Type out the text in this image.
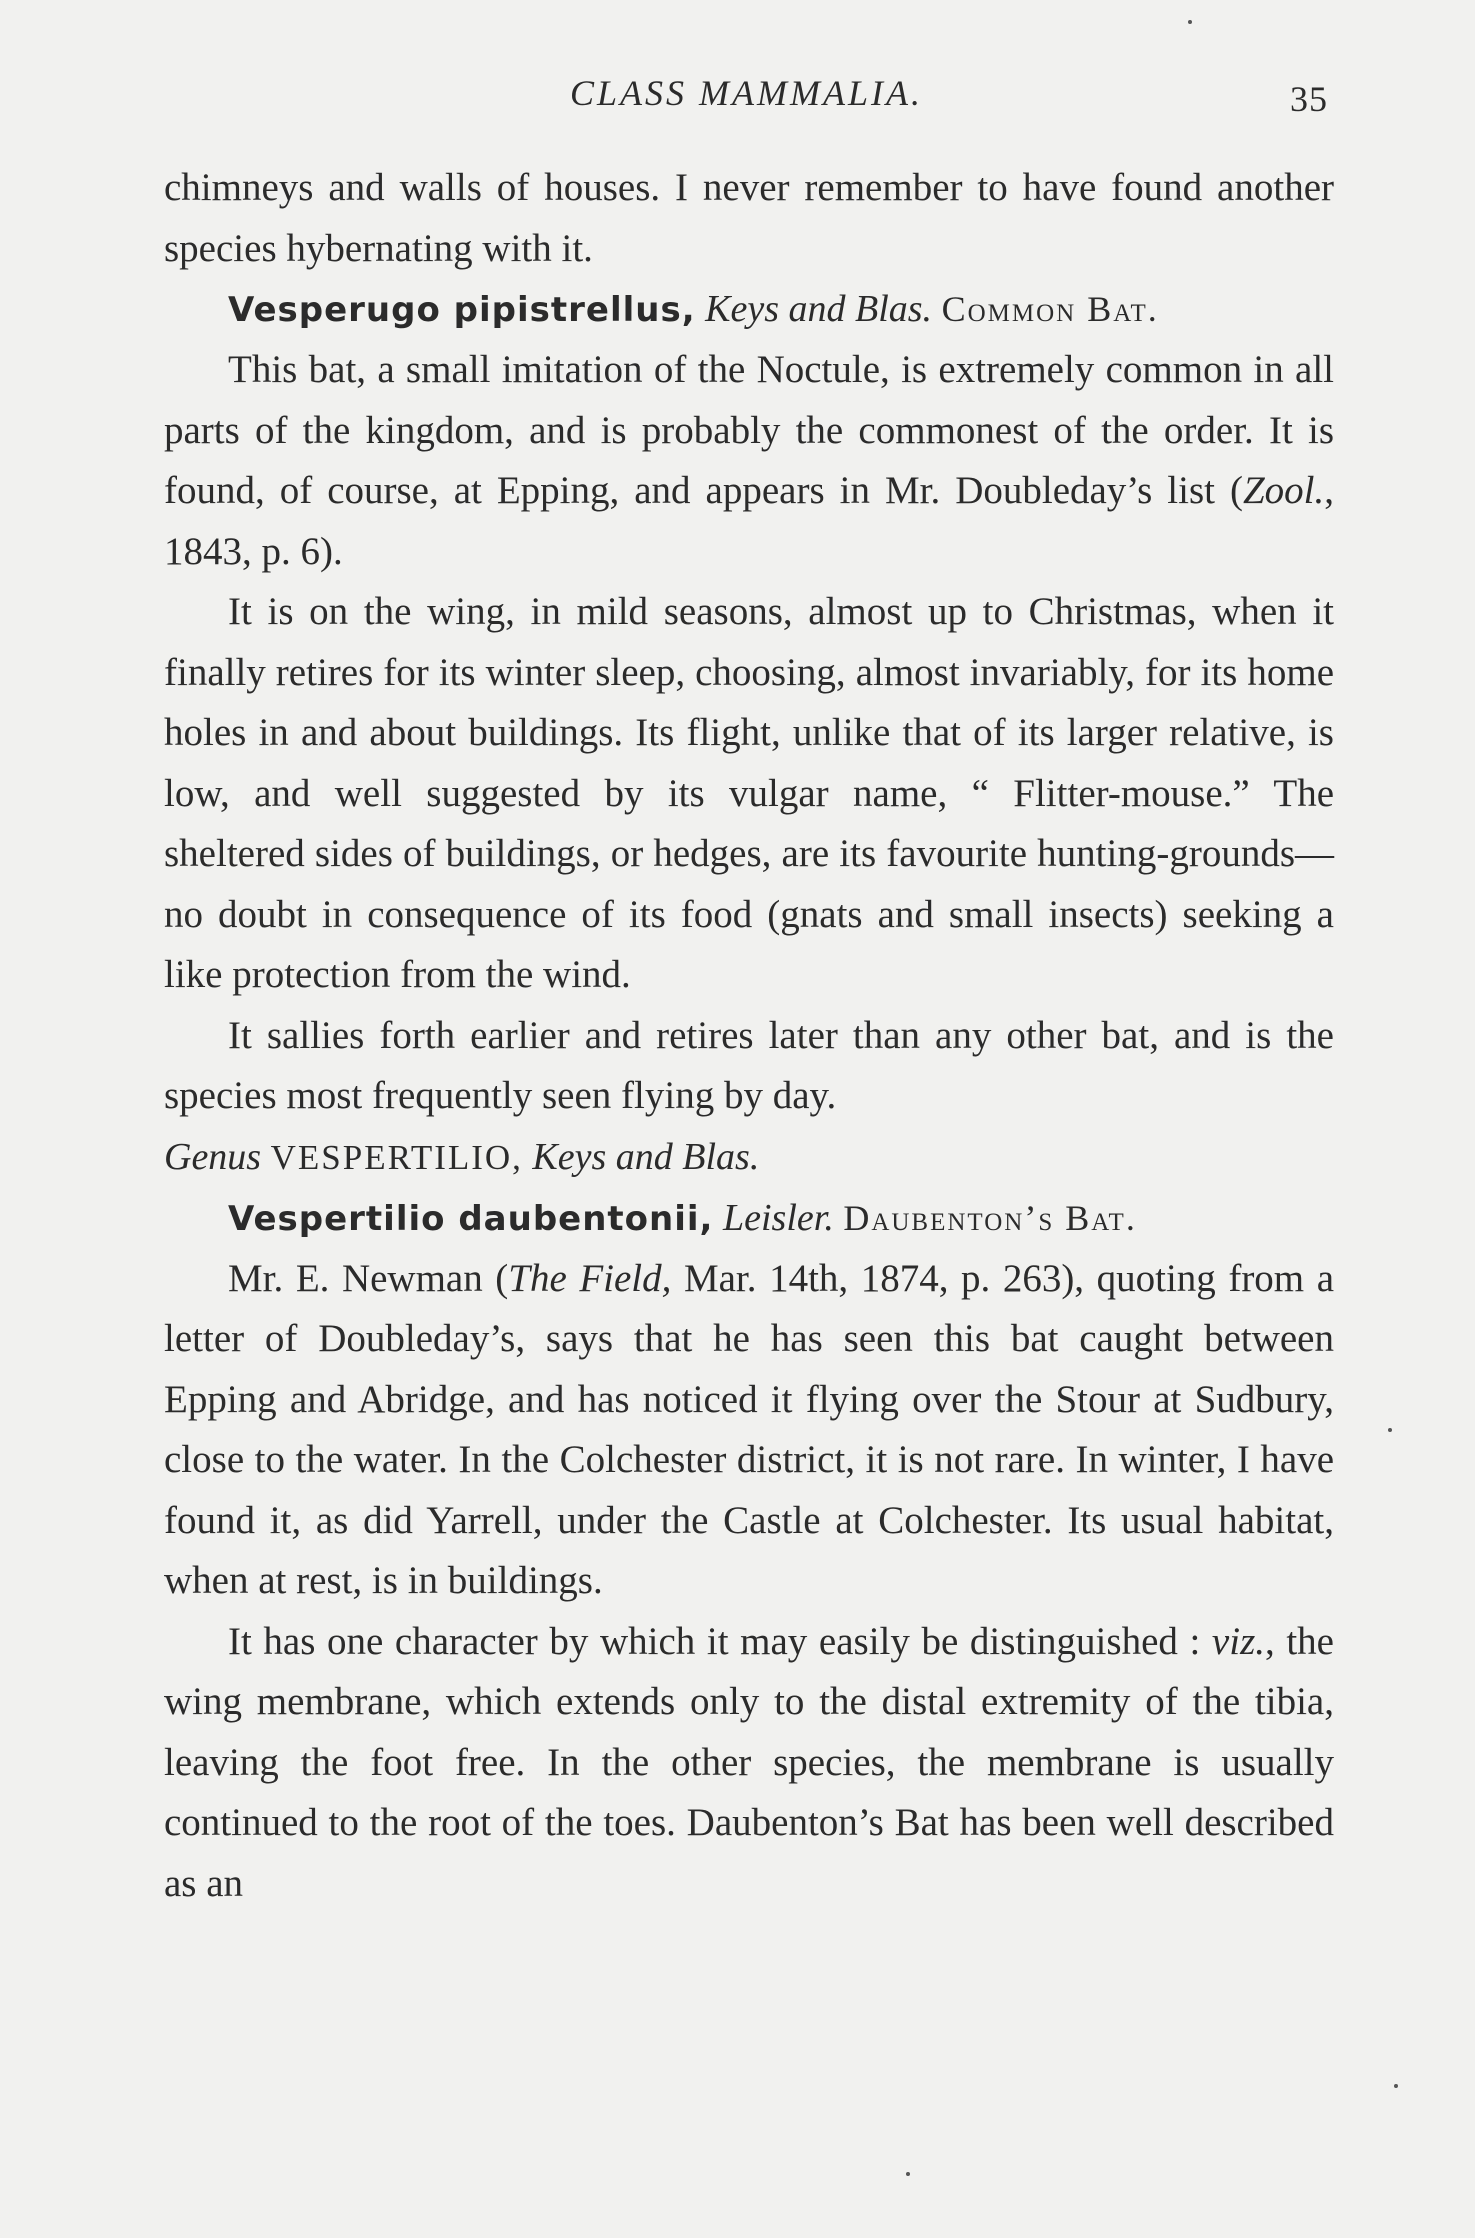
CLASS MAMMALIA.	35

chimneys and walls of houses. I never remember to have found another species hybernating with it.

Vesperugo pipistrellus, Keys and Blas. Common Bat.

This bat, a small imitation of the Noctule, is extremely common in all parts of the kingdom, and is probably the commonest of the order. It is found, of course, at Epping, and appears in Mr. Doubleday’s list (Zool., 1843, p. 6).

It is on the wing, in mild seasons, almost up to Christmas, when it finally retires for its winter sleep, choosing, almost invariably, for its home holes in and about buildings. Its flight, unlike that of its larger relative, is low, and well suggested by its vulgar name, “ Flitter-mouse.” The sheltered sides of buildings, or hedges, are its favourite hunting-grounds—no doubt in consequence of its food (gnats and small insects) seeking a like protection from the wind.

It sallies forth earlier and retires later than any other bat, and is the species most frequently seen flying by day.

Genus VESPERTILIO, Keys and Blas.

Vespertilio daubentonii, Leisler. Daubenton’s Bat.

Mr. E. Newman (The Field, Mar. 14th, 1874, p. 263), quoting from a letter of Doubleday’s, says that he has seen this bat caught between Epping and Abridge, and has noticed it flying over the Stour at Sudbury, close to the water. In the Colchester district, it is not rare. In winter, I have found it, as did Yarrell, under the Castle at Colchester. Its usual habitat, when at rest, is in buildings.

It has one character by which it may easily be distinguished : viz., the wing membrane, which extends only to the distal extremity of the tibia, leaving the foot free. In the other species, the membrane is usually continued to the root of the toes. Daubenton’s Bat has been well described as an
